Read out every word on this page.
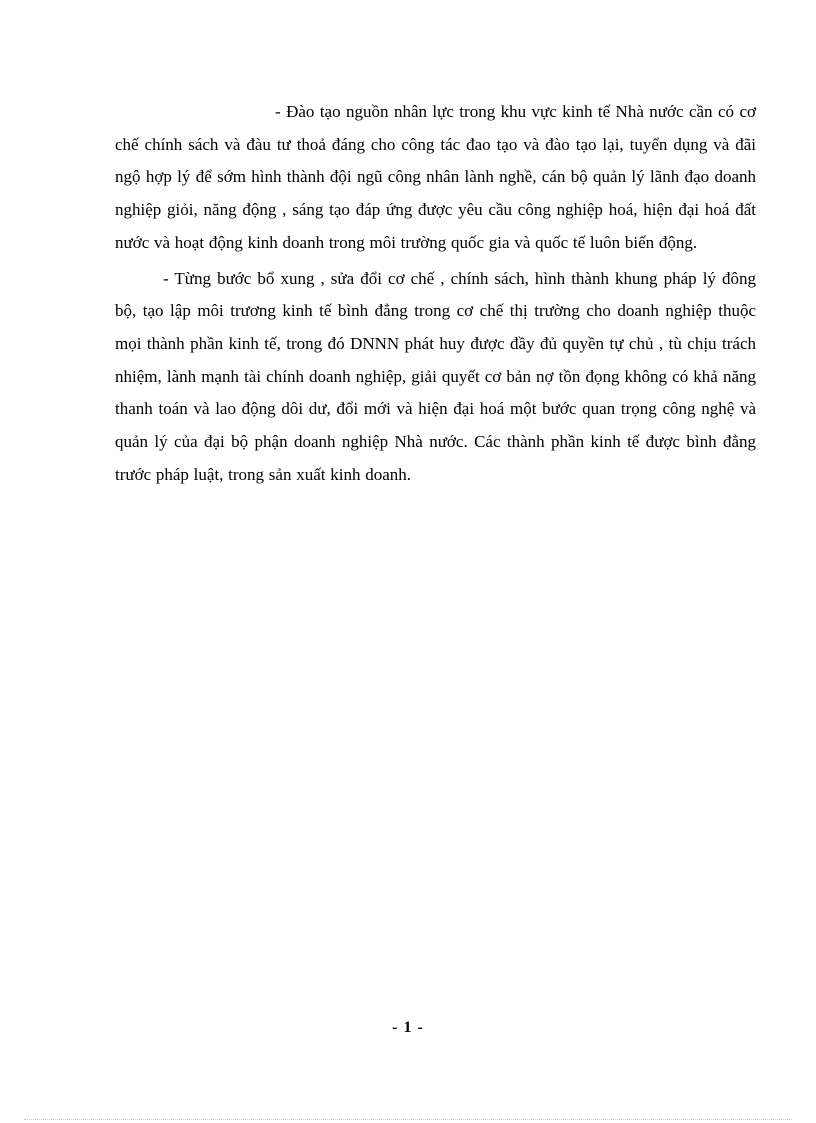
- Đào tạo nguồn nhân lực trong khu vực kinh tế Nhà nước cần có cơ chế chính sách và đàu tư thoả đáng cho công tác đao tạo và đào tạo lại, tuyển dụng và đãi ngộ hợp lý để sớm hình thành đội ngũ công nhân lành nghề, cán bộ quản lý lãnh đạo doanh nghiệp giỏi, năng động , sáng tạo đáp ứng được yêu cầu công nghiệp hoá, hiện đại hoá đất nước và hoạt động kinh doanh trong môi trường quốc gia và quốc tế luôn biến động.

- Từng bước bổ xung , sửa đổi cơ chế , chính sách, hình thành khung pháp lý đông bộ, tạo lập môi trương kinh tế bình đẳng trong cơ chế thị trường cho doanh nghiệp thuộc mọi thành phần kinh tế, trong đó DNNN phát huy được đầy đủ quyền tự chủ , tù chịu trách nhiệm, lành mạnh tài chính doanh nghiệp, giải quyết cơ bản nợ tồn đọng không có khả năng thanh toán và lao động dôi dư, đổi mới và hiện đại hoá một bước quan trọng công nghệ và quản lý của đại bộ phận doanh nghiệp Nhà nước. Các thành phần kinh tế được bình đẳng trước pháp luật, trong sản xuất kinh doanh.

- 1 -
